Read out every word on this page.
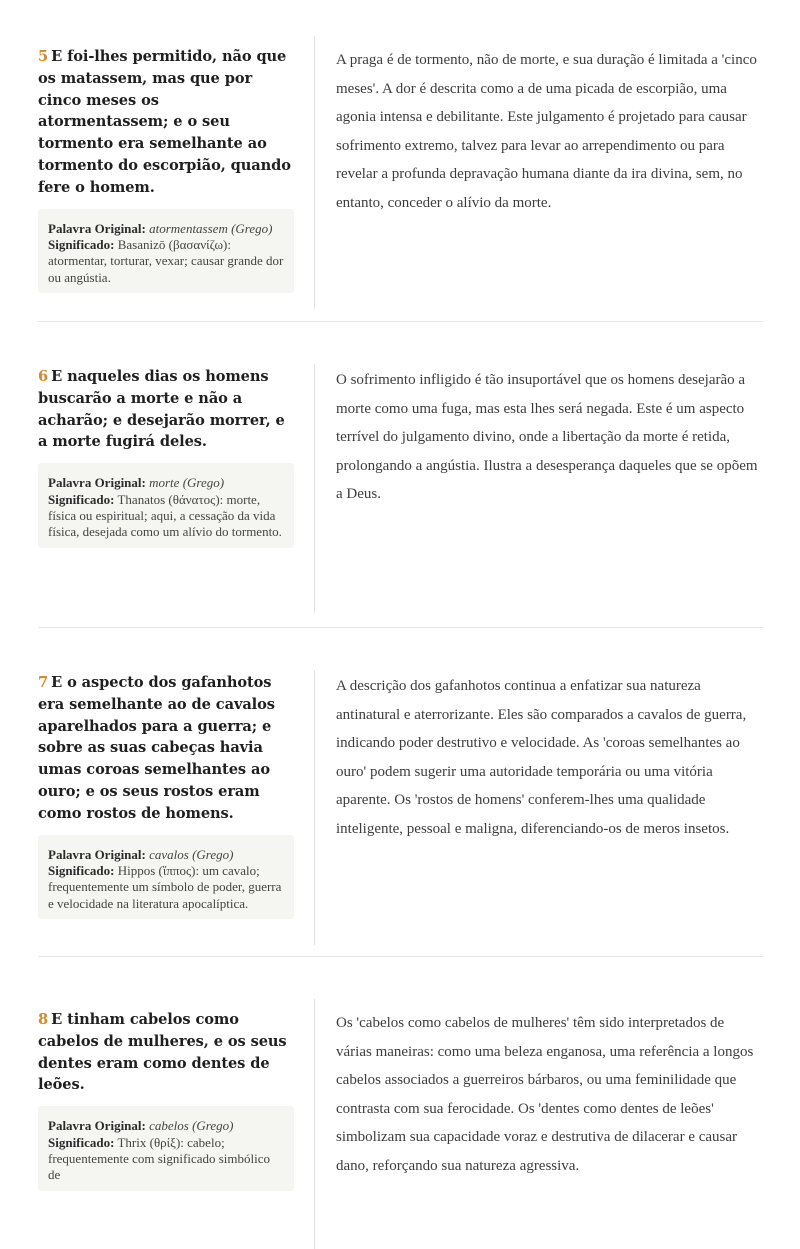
5 E foi-lhes permitido, não que os matassem, mas que por cinco meses os atormentassem; e o seu tormento era semelhante ao tormento do escorpião, quando fere o homem.

Palavra Original: atormentassem (Grego)
Significado: Basanizō (βασανίζω): atormentar, torturar, vexar; causar grande dor ou angústia.

A praga é de tormento, não de morte, e sua duração é limitada a 'cinco meses'. A dor é descrita como a de uma picada de escorpião, uma agonia intensa e debilitante. Este julgamento é projetado para causar sofrimento extremo, talvez para levar ao arrependimento ou para revelar a profunda depravação humana diante da ira divina, sem, no entanto, conceder o alívio da morte.

6 E naqueles dias os homens buscarão a morte e não a acharão; e desejarão morrer, e a morte fugirá deles.

Palavra Original: morte (Grego)
Significado: Thanatos (θάνατος): morte, física ou espiritual; aqui, a cessação da vida física, desejada como um alívio do tormento.

O sofrimento infligido é tão insuportável que os homens desejarão a morte como uma fuga, mas esta lhes será negada. Este é um aspecto terrível do julgamento divino, onde a libertação da morte é retida, prolongando a angústia. Ilustra a desesperança daqueles que se opõem a Deus.

7 E o aspecto dos gafanhotos era semelhante ao de cavalos aparelhados para a guerra; e sobre as suas cabeças havia umas coroas semelhantes ao ouro; e os seus rostos eram como rostos de homens.

Palavra Original: cavalos (Grego)
Significado: Hippos (ἵππος): um cavalo; frequentemente um símbolo de poder, guerra e velocidade na literatura apocalíptica.

A descrição dos gafanhotos continua a enfatizar sua natureza antinatural e aterrorizante. Eles são comparados a cavalos de guerra, indicando poder destrutivo e velocidade. As 'coroas semelhantes ao ouro' podem sugerir uma autoridade temporária ou uma vitória aparente. Os 'rostos de homens' conferem-lhes uma qualidade inteligente, pessoal e maligna, diferenciando-os de meros insetos.

8 E tinham cabelos como cabelos de mulheres, e os seus dentes eram como dentes de leões.

Palavra Original: cabelos (Grego)
Significado: Thrix (θρίξ): cabelo; frequentemente com significado simbólico de

Os 'cabelos como cabelos de mulheres' têm sido interpretados de várias maneiras: como uma beleza enganosa, uma referência a longos cabelos associados a guerreiros bárbaros, ou uma feminilidade que contrasta com sua ferocidade. Os 'dentes como dentes de leões' simbolizam sua capacidade voraz e destrutiva de dilacerar e causar dano, reforçando sua natureza agressiva.
